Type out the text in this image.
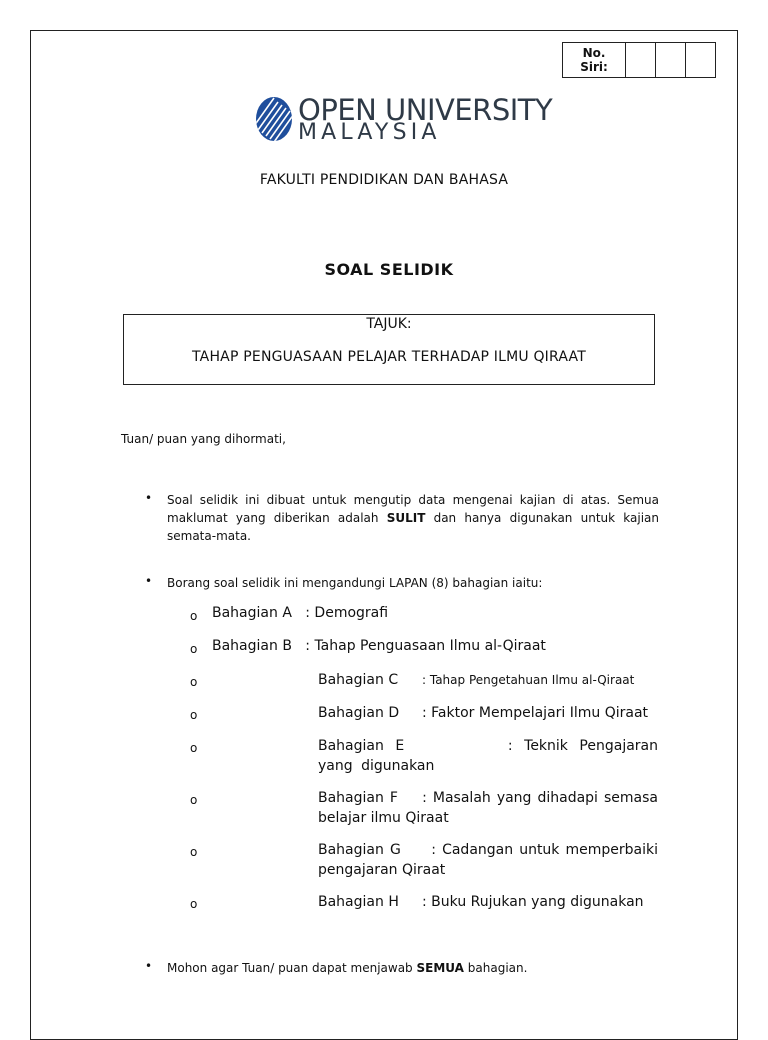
No.
Siri:			
OPEN UNIVERSITY
MALAYSIA
FAKULTI PENDIDIKAN DAN BAHASA
SOAL SELIDIK
TAJUK:
TAHAP PENGUASAAN PELAJAR TERHADAP ILMU QIRAAT
Tuan/ puan yang dihormati,
• Soal selidik ini dibuat untuk mengutip data mengenai kajian di atas. Semua maklumat yang diberikan adalah SULIT dan hanya digunakan untuk kajian semata-mata.
• Borang soal selidik ini mengandungi LAPAN (8) bahagian iaitu:
o Bahagian A : Demografi
o Bahagian B : Tahap Penguasaan Ilmu al-Qiraat
o	Bahagian C : Tahap Pengetahuan Ilmu al-Qiraat
o	Bahagian D : Faktor Mempelajari Ilmu Qiraat
o	Bahagian E	: Teknik Pengajaran yang digunakan
o	Bahagian F : Masalah yang dihadapi semasa belajar ilmu Qiraat
o	Bahagian G : Cadangan untuk memperbaiki pengajaran Qiraat
o	Bahagian H : Buku Rujukan yang digunakan
• Mohon agar Tuan/ puan dapat menjawab SEMUA bahagian.
